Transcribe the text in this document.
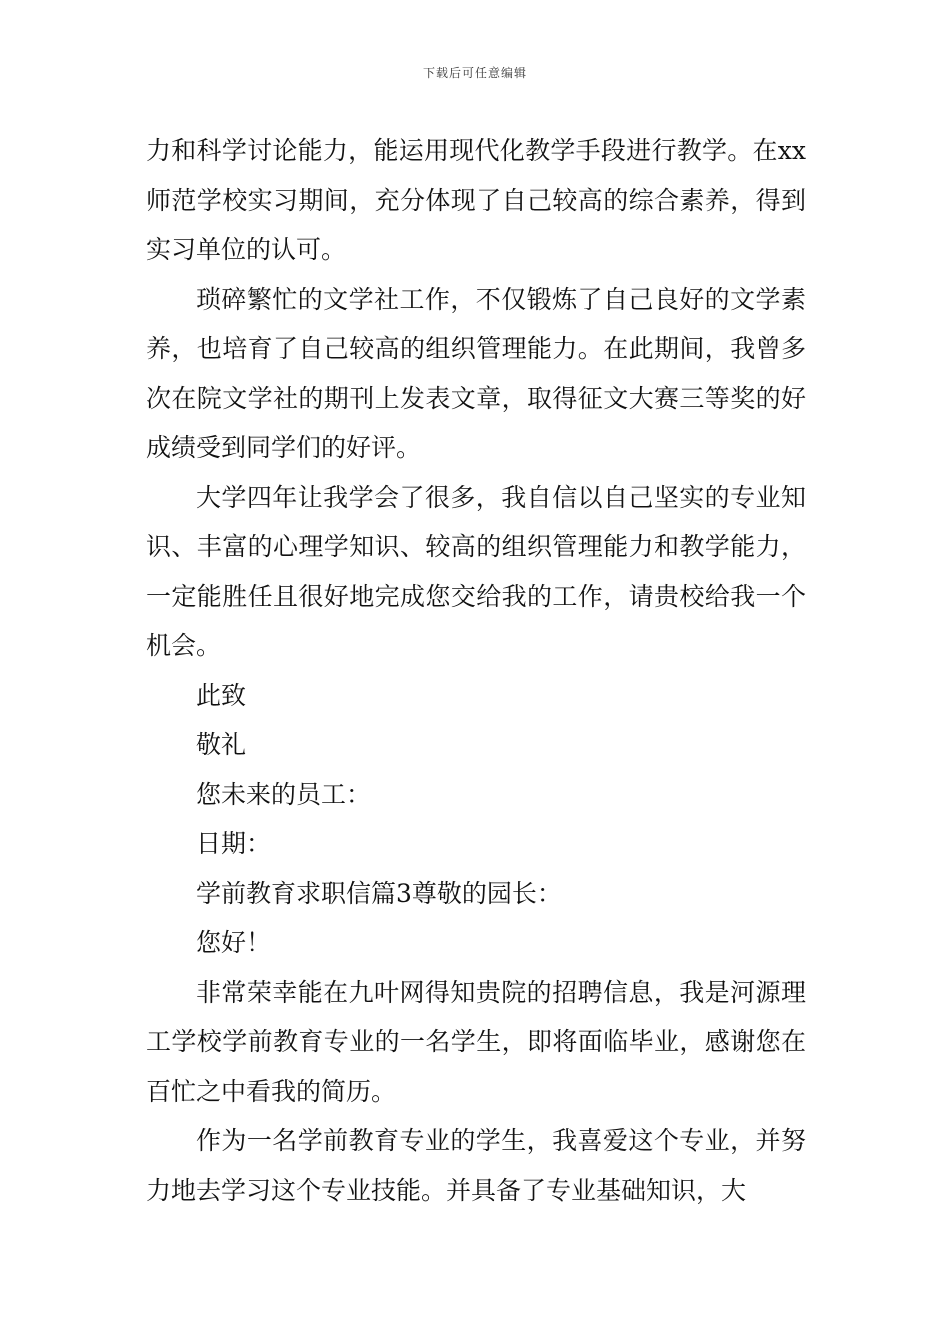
下载后可任意编辑

力和科学讨论能力，能运用现代化教学手段进行教学。在xx师范学校实习期间，充分体现了自己较高的综合素养，得到实习单位的认可。

琐碎繁忙的文学社工作，不仅锻炼了自己良好的文学素养，也培育了自己较高的组织管理能力。在此期间，我曾多次在院文学社的期刊上发表文章，取得征文大赛三等奖的好成绩受到同学们的好评。

大学四年让我学会了很多，我自信以自己坚实的专业知识、丰富的心理学知识、较高的组织管理能力和教学能力，一定能胜任且很好地完成您交给我的工作，请贵校给我一个机会。

此致

敬礼

您未来的员工：

日期：

学前教育求职信篇3尊敬的园长：

您好！

非常荣幸能在九叶网得知贵院的招聘信息，我是河源理工学校学前教育专业的一名学生，即将面临毕业，感谢您在百忙之中看我的简历。

作为一名学前教育专业的学生，我喜爱这个专业，并努力地去学习这个专业技能。并具备了专业基础知识，大
